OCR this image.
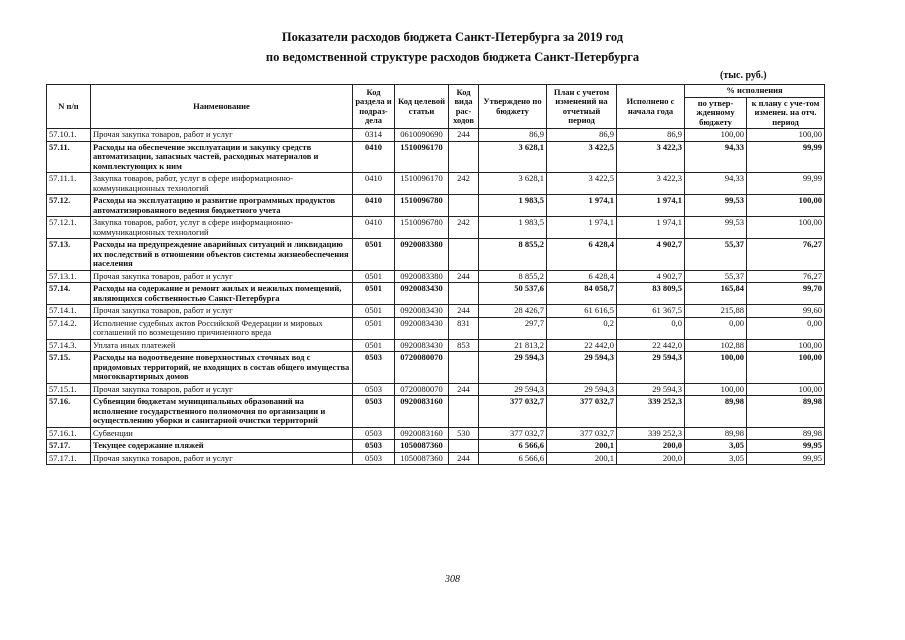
Показатели расходов бюджета Санкт-Петербурга за 2019 год
по ведомственной структуре расходов бюджета Санкт-Петербурга
(тыс. руб.)
N п/п	Наименование	Код раздела и подраз-дела	Код целевой статьи	Код вида рас-ходов	Утверждено по бюджету	План с учетом изменений на отчетный период	Исполнено с начала года	% исполнения	
								по утвер-жденному бюджету	к плану с уче-том изменен. на отч. период
57.10.1.	Прочая закупка товаров, работ и услуг	0314	0610090690	244	86,9	86,9	86,9	100,00	100,00
57.11.	Расходы на обеспечение эксплуатации и закупку средств автоматизации, запасных частей, расходных материалов и комплектующих к ним	0410	1510096170		3 628,1	3 422,5	3 422,3	94,33	99,99
57.11.1.	Закупка товаров, работ, услуг в сфере информационно-коммуникационных технологий	0410	1510096170	242	3 628,1	3 422,5	3 422,3	94,33	99,99
57.12.	Расходы на эксплуатацию и развитие программных продуктов автоматизированного ведения бюджетного учета	0410	1510096780		1 983,5	1 974,1	1 974,1	99,53	100,00
57.12.1.	Закупка товаров, работ, услуг в сфере информационно-коммуникационных технологий	0410	1510096780	242	1 983,5	1 974,1	1 974,1	99,53	100,00
57.13.	Расходы на предупреждение аварийных ситуаций и ликвидацию их последствий в отношении объектов системы жизнеобеспечения населения	0501	0920083380		8 855,2	6 428,4	4 902,7	55,37	76,27
57.13.1.	Прочая закупка товаров, работ и услуг	0501	0920083380	244	8 855,2	6 428,4	4 902,7	55,37	76,27
57.14.	Расходы на содержание и ремонт жилых и нежилых помещений, являющихся собственностью Санкт-Петербурга	0501	0920083430		50 537,6	84 058,7	83 809,5	165,84	99,70
57.14.1.	Прочая закупка товаров, работ и услуг	0501	0920083430	244	28 426,7	61 616,5	61 367,5	215,88	99,60
57.14.2.	Исполнение судебных актов Российской Федерации и мировых соглашений по возмещению причиненного вреда	0501	0920083430	831	297,7	0,2	0,0	0,00	0,00
57.14.3.	Уплата иных платежей	0501	0920083430	853	21 813,2	22 442,0	22 442,0	102,88	100,00
57.15.	Расходы на водоотведение поверхностных сточных вод с придомовых территорий, не входящих в состав общего имущества многоквартирных домов	0503	0720080070		29 594,3	29 594,3	29 594,3	100,00	100,00
57.15.1.	Прочая закупка товаров, работ и услуг	0503	0720080070	244	29 594,3	29 594,3	29 594,3	100,00	100,00
57.16.	Субвенции бюджетам муниципальных образований на исполнение государственного полномочия по организации и осуществлению уборки и санитарной очистки территорий	0503	0920083160		377 032,7	377 032,7	339 252,3	89,98	89,98
57.16.1.	Субвенции	0503	0920083160	530	377 032,7	377 032,7	339 252,3	89,98	89,98
57.17.	Текущее содержание пляжей	0503	1050087360		6 566,6	200,1	200,0	3,05	99,95
57.17.1.	Прочая закупка товаров, работ и услуг	0503	1050087360	244	6 566,6	200,1	200,0	3,05	99,95
308
